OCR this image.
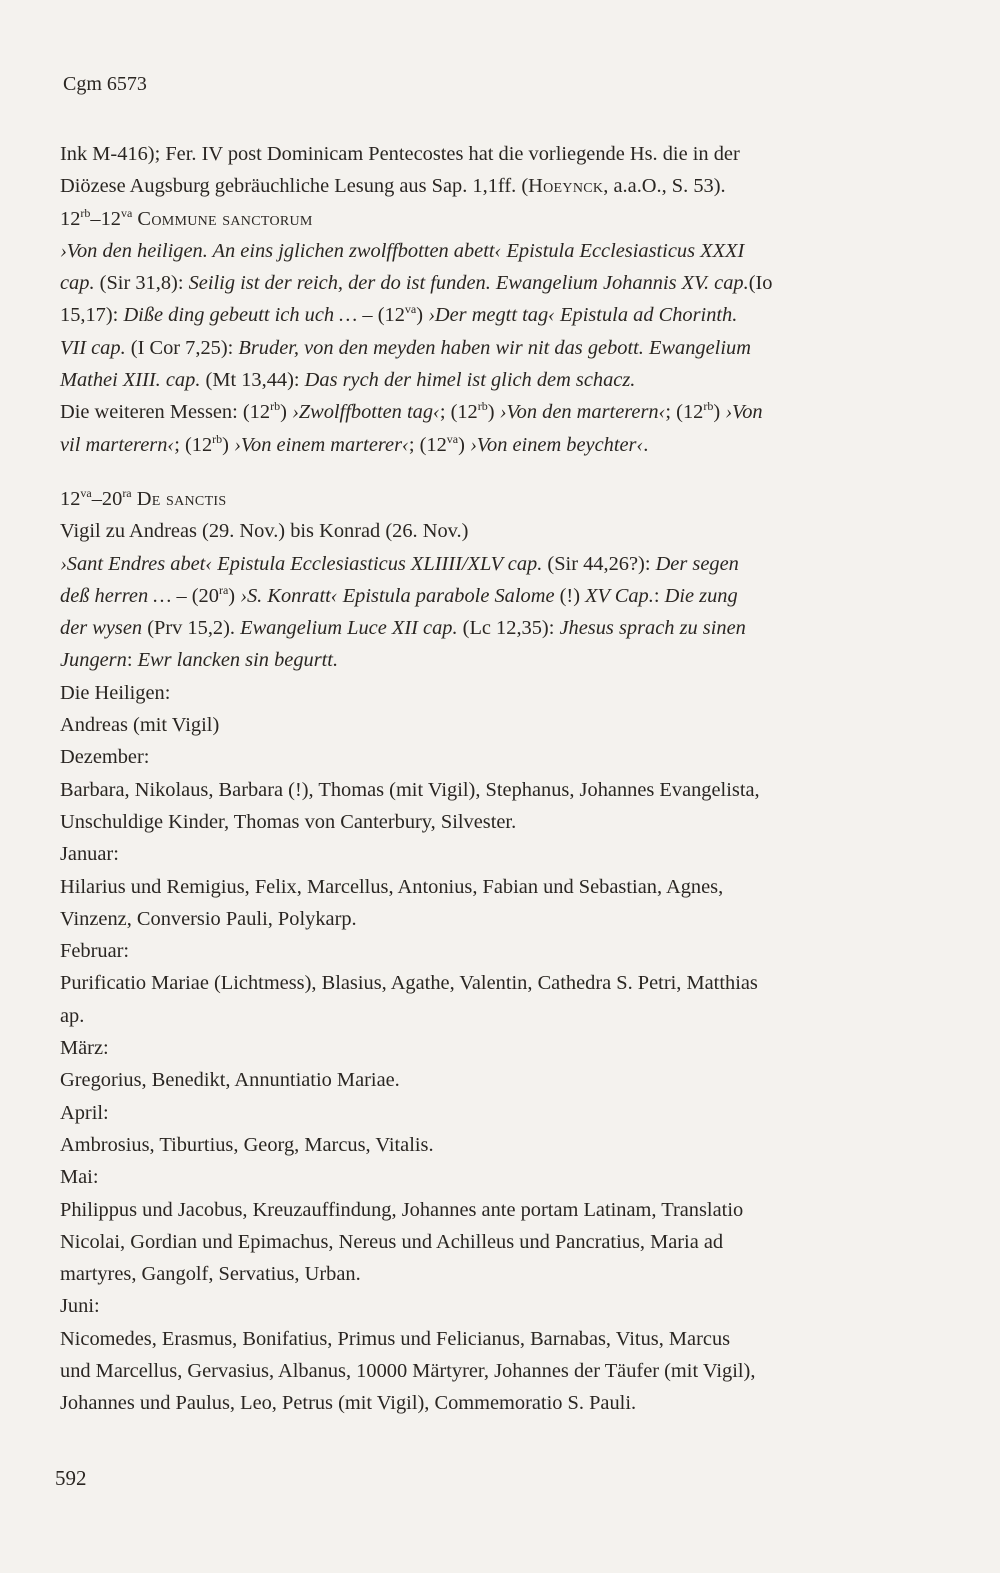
Cgm 6573

Ink M-416); Fer. IV post Dominicam Pentecostes hat die vorliegende Hs. die in der

Diözese Augsburg gebräuchliche Lesung aus Sap. 1,1ff. (Hoeynck, a.a.O., S. 53).

$12^{rb}-12^{va}$ Commune sanctorum

›Von den heiligen. An eins jglichen zwolffbotten abett‹ Epistula Ecclesiasticus XXXI

cap. (Sir 31,8): Seilig ist der reich, der do ist funden. Ewangelium Johannis XV. cap.(Io

15,17): Diße ding gebeutt ich uch … – $(12^{va})$ ›Der megtt tag‹ Epistula ad Chorinth.

VII cap. (I Cor 7,25): Bruder, von den meyden haben wir nit das gebott. Ewangelium

Mathei XIII. cap. (Mt 13,44): Das rych der himel ist glich dem schacz.

Die weiteren Messen: $(12^{rb})$ ›Zwolffbotten tag‹; $(12^{rb})$ ›Von den marterern‹; $(12^{rb})$ ›Von

vil marterern‹; $(12^{rb})$ ›Von einem marterer‹; $(12^{va})$ ›Von einem beychter‹.

$12^{va}-20^{ra}$ De sanctis

Vigil zu Andreas (29. Nov.) bis Konrad (26. Nov.)

›Sant Endres abet‹ Epistula Ecclesiasticus XLIIII/XLV cap. (Sir 44,26?): Der segen

deß herren … – $(20^{ra})$ ›S. Konratt‹ Epistula parabole Salome (!) XV Cap.: Die zung

der wysen (Prv 15,2). Ewangelium Luce XII cap. (Lc 12,35): Jhesus sprach zu sinen

Jungern: Ewr lancken sin begurtt.

Die Heiligen:

Andreas (mit Vigil)

Dezember:

Barbara, Nikolaus, Barbara (!), Thomas (mit Vigil), Stephanus, Johannes Evangelista,

Unschuldige Kinder, Thomas von Canterbury, Silvester.

Januar:

Hilarius und Remigius, Felix, Marcellus, Antonius, Fabian und Sebastian, Agnes,

Vinzenz, Conversio Pauli, Polykarp.

Februar:

Purificatio Mariae (Lichtmess), Blasius, Agathe, Valentin, Cathedra S. Petri, Matthias

ap.

März:

Gregorius, Benedikt, Annuntiatio Mariae.

April:

Ambrosius, Tiburtius, Georg, Marcus, Vitalis.

Mai:

Philippus und Jacobus, Kreuzauffindung, Johannes ante portam Latinam, Translatio

Nicolai, Gordian und Epimachus, Nereus und Achilleus und Pancratius, Maria ad

martyres, Gangolf, Servatius, Urban.

Juni:

Nicomedes, Erasmus, Bonifatius, Primus und Felicianus, Barnabas, Vitus, Marcus

und Marcellus, Gervasius, Albanus, 10000 Märtyrer, Johannes der Täufer (mit Vigil),

Johannes und Paulus, Leo, Petrus (mit Vigil), Commemoratio S. Pauli.

592
